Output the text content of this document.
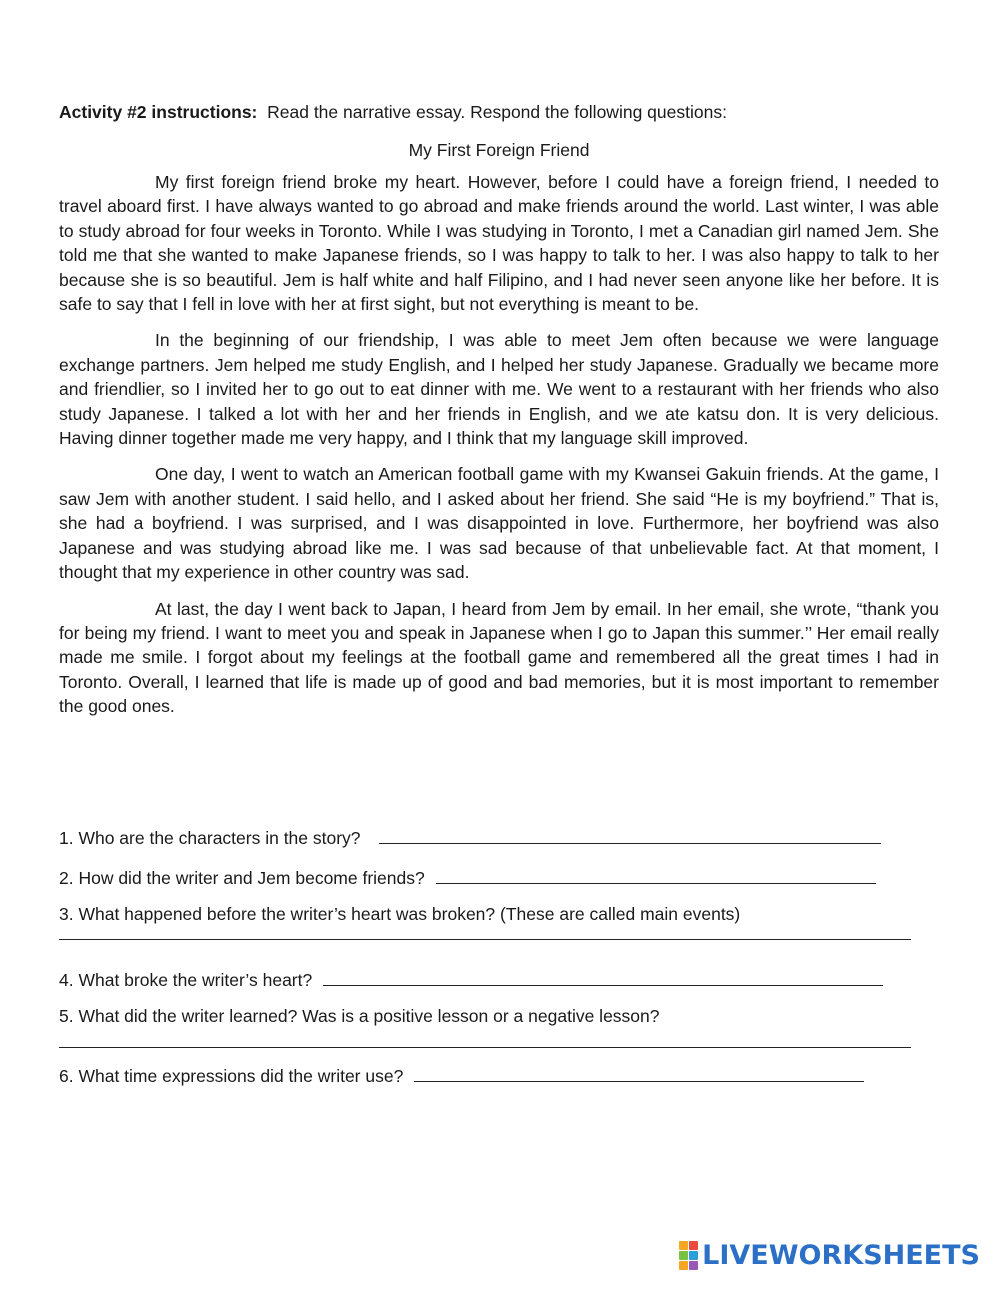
Activity #2 instructions: Read the narrative essay. Respond the following questions:

My First Foreign Friend

My first foreign friend broke my heart. However, before I could have a foreign friend, I needed to travel aboard first. I have always wanted to go abroad and make friends around the world. Last winter, I was able to study abroad for four weeks in Toronto. While I was studying in Toronto, I met a Canadian girl named Jem. She told me that she wanted to make Japanese friends, so I was happy to talk to her. I was also happy to talk to her because she is so beautiful. Jem is half white and half Filipino, and I had never seen anyone like her before. It is safe to say that I fell in love with her at first sight, but not everything is meant to be.

In the beginning of our friendship, I was able to meet Jem often because we were language exchange partners. Jem helped me study English, and I helped her study Japanese. Gradually we became more and friendlier, so I invited her to go out to eat dinner with me. We went to a restaurant with her friends who also study Japanese. I talked a lot with her and her friends in English, and we ate katsu don. It is very delicious. Having dinner together made me very happy, and I think that my language skill improved.

One day, I went to watch an American football game with my Kwansei Gakuin friends. At the game, I saw Jem with another student. I said hello, and I asked about her friend. She said “He is my boyfriend.” That is, she had a boyfriend. I was surprised, and I was disappointed in love. Furthermore, her boyfriend was also Japanese and was studying abroad like me. I was sad because of that unbelievable fact. At that moment, I thought that my experience in other country was sad.

At last, the day I went back to Japan, I heard from Jem by email. In her email, she wrote, “thank you for being my friend. I want to meet you and speak in Japanese when I go to Japan this summer.’’ Her email really made me smile. I forgot about my feelings at the football game and remembered all the great times I had in Toronto. Overall, I learned that life is made up of good and bad memories, but it is most important to remember the good ones.

1. Who are the characters in the story?
2. How did the writer and Jem become friends?
3. What happened before the writer’s heart was broken? (These are called main events)
4. What broke the writer’s heart?
5. What did the writer learned? Was is a positive lesson or a negative lesson?
6. What time expressions did the writer use?
LIVEWORKSHEETS
